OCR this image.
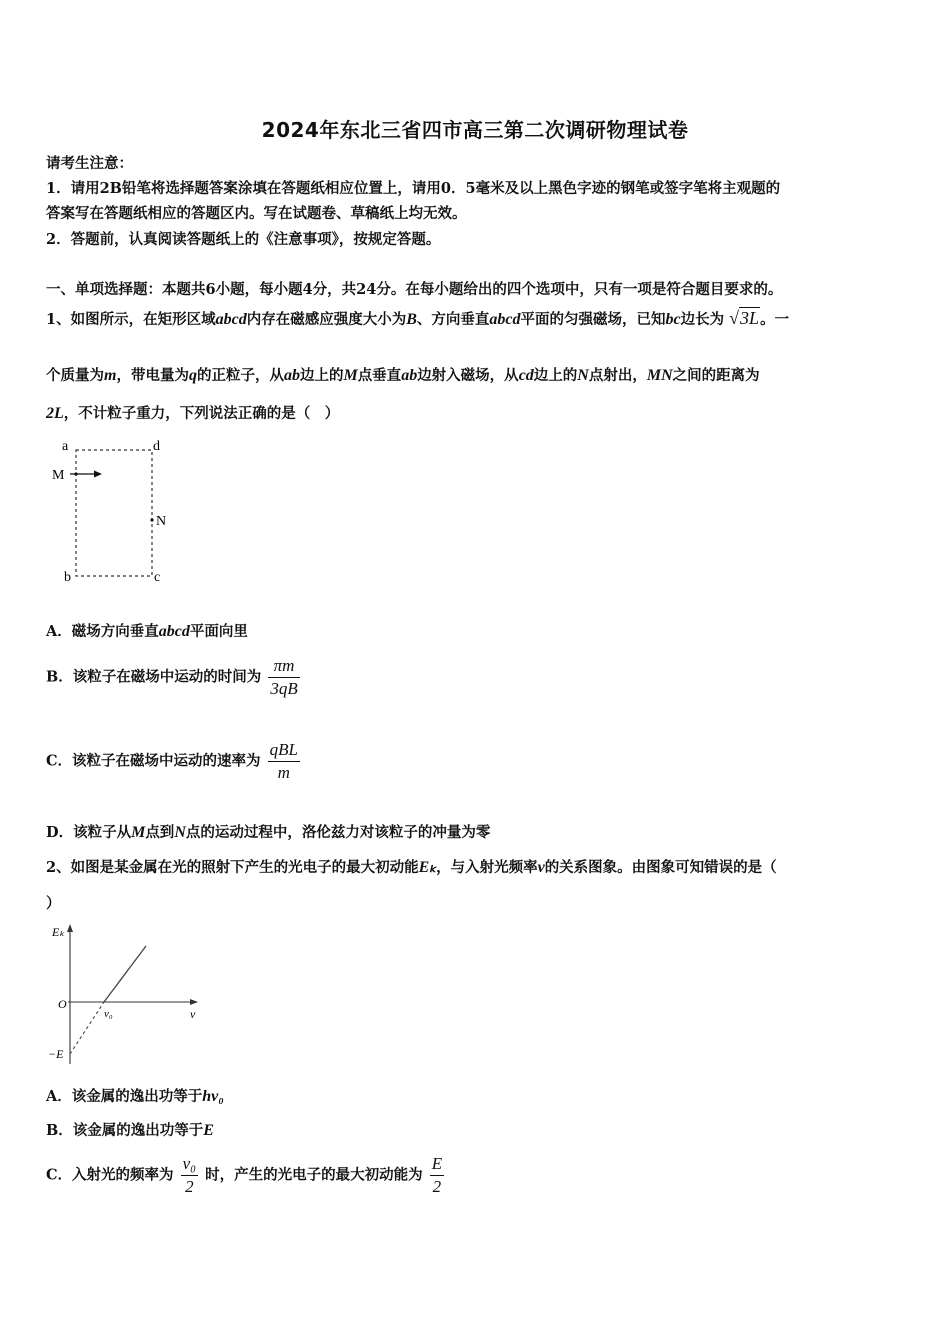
2024年东北三省四市高三第二次调研物理试卷
请考生注意：
1．请用2B铅笔将选择题答案涂填在答题纸相应位置上，请用0．5毫米及以上黑色字迹的钢笔或签字笔将主观题的
答案写在答题纸相应的答题区内。写在试题卷、草稿纸上均无效。
2．答题前，认真阅读答题纸上的《注意事项》，按规定答题。
一、单项选择题：本题共6小题，每小题4分，共24分。在每小题给出的四个选项中，只有一项是符合题目要求的。
1、如图所示，在矩形区域abcd内存在磁感应强度大小为B、方向垂直abcd平面的匀强磁场，已知bc边长为 √3L。一
个质量为m，带电量为q的正粒子，从ab边上的M点垂直ab边射入磁场，从cd边上的N点射出，MN之间的距离为
2L，不计粒子重力，下列说法正确的是（　）
a	d
b	c
M
N
A．磁场方向垂直abcd平面向里
B．该粒子在磁场中运动的时间为 $\frac{\pi m}{3qB}$
C．该粒子在磁场中运动的速率为 $\frac{\text{qBL}}{m}$
D．该粒子从M点到N点的运动过程中，洛伦兹力对该粒子的冲量为零
2、如图是某金属在光的照射下产生的光电子的最大初动能Eₖ，与入射光频率v的关系图象。由图象可知错误的是（
）
Eₖ
O
v
v₀
−E
A．该金属的逸出功等于hv₀
B．该金属的逸出功等于E
C．入射光的频率为 $\frac{\text{v₀}}{2}$ 时，产生的光电子的最大初动能为 $\frac{E}{2}$
